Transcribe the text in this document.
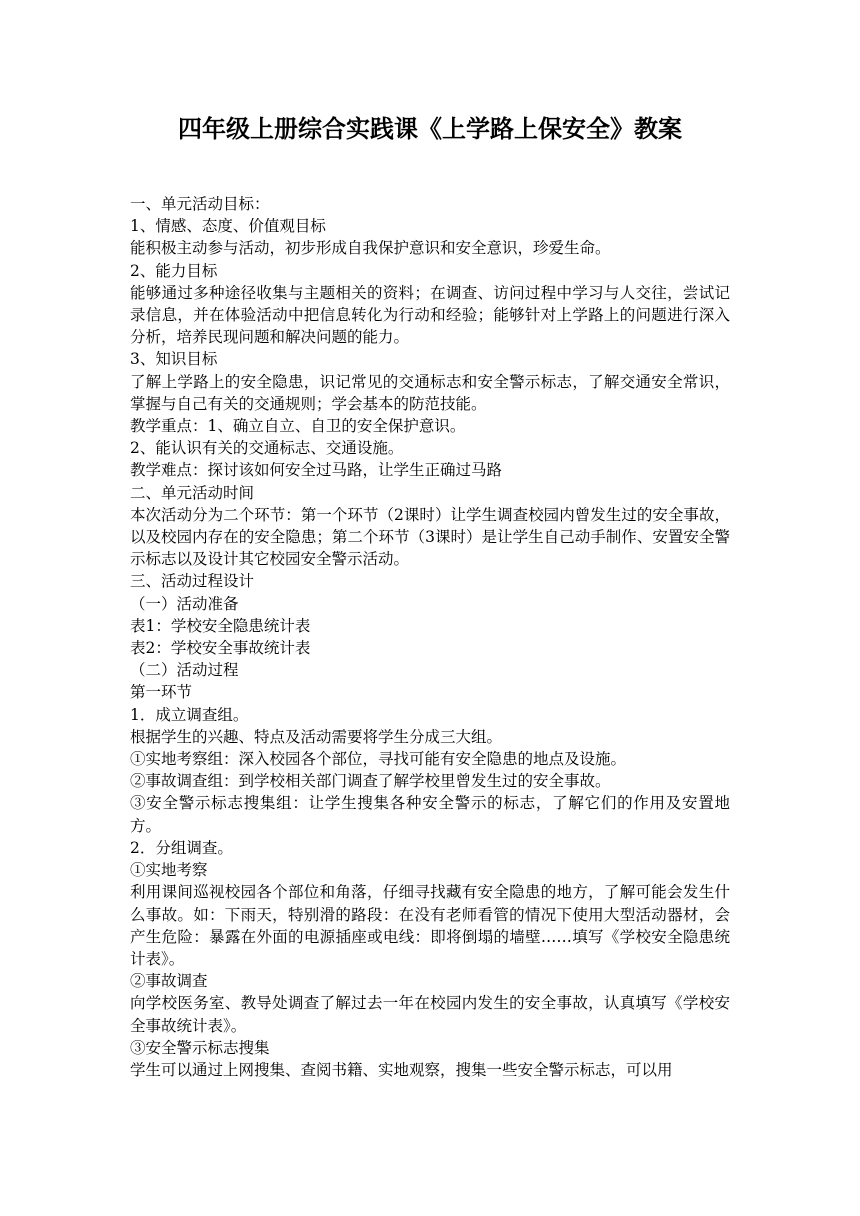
四年级上册综合实践课《上学路上保安全》教案

一、单元活动目标：

1、情感、态度、价值观目标

能积极主动参与活动，初步形成自我保护意识和安全意识，珍爱生命。

2、能力目标

能够通过多种途径收集与主题相关的资料；在调查、访问过程中学习与人交往，尝试记录信息，并在体验活动中把信息转化为行动和经验；能够针对上学路上的问题进行深入分析，培养民现问题和解决问题的能力。

3、知识目标

了解上学路上的安全隐患，识记常见的交通标志和安全警示标志，了解交通安全常识，掌握与自己有关的交通规则；学会基本的防范技能。

教学重点：1、确立自立、自卫的安全保护意识。

2、能认识有关的交通标志、交通设施。

教学难点：探讨该如何安全过马路，让学生正确过马路

二、单元活动时间

本次活动分为二个环节：第一个环节（2课时）让学生调查校园内曾发生过的安全事故，以及校园内存在的安全隐患；第二个环节（3课时）是让学生自己动手制作、安置安全警示标志以及设计其它校园安全警示活动。

三、活动过程设计

（一）活动准备

表1：学校安全隐患统计表

表2：学校安全事故统计表

（二）活动过程

第一环节

1．成立调查组。

根据学生的兴趣、特点及活动需要将学生分成三大组。

①实地考察组：深入校园各个部位，寻找可能有安全隐患的地点及设施。

②事故调查组：到学校相关部门调查了解学校里曾发生过的安全事故。

③安全警示标志搜集组：让学生搜集各种安全警示的标志，了解它们的作用及安置地方。

2．分组调查。

①实地考察

利用课间巡视校园各个部位和角落，仔细寻找藏有安全隐患的地方，了解可能会发生什么事故。如：下雨天，特别滑的路段：在没有老师看管的情况下使用大型活动器材，会产生危险：暴露在外面的电源插座或电线：即将倒塌的墙壁……填写《学校安全隐患统计表》。

②事故调查

向学校医务室、教导处调查了解过去一年在校园内发生的安全事故，认真填写《学校安全事故统计表》。

③安全警示标志搜集

学生可以通过上网搜集、查阅书籍、实地观察，搜集一些安全警示标志，可以用
